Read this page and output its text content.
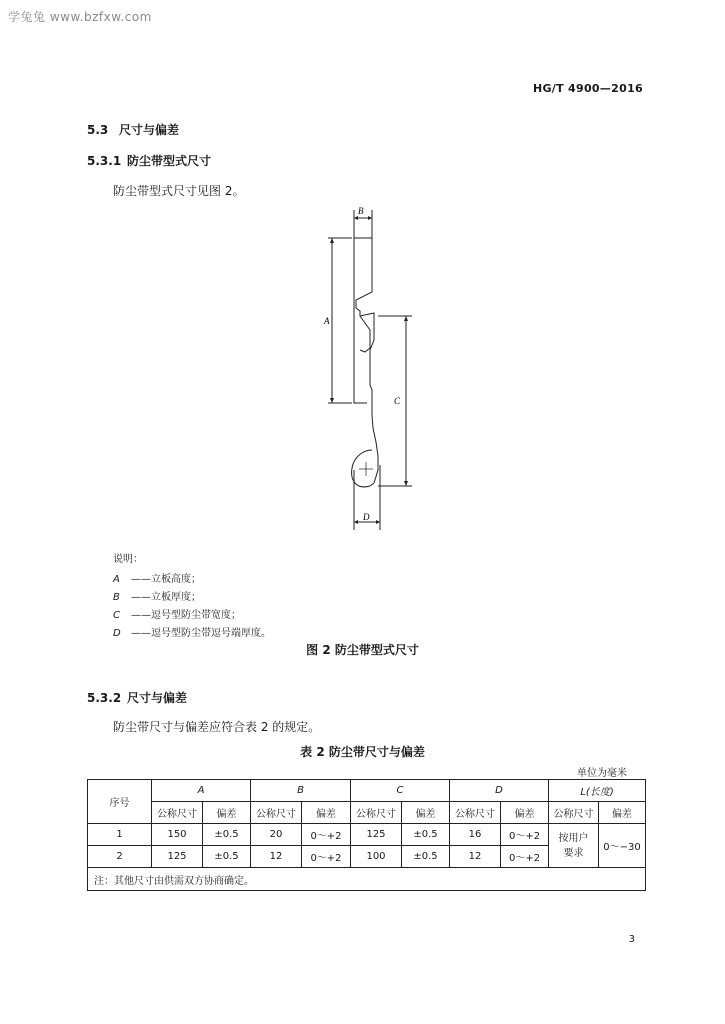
学兔兔 www.bzfxw.com
HG/T 4900—2016
5.3 尺寸与偏差
5.3.1 防尘带型式尺寸
防尘带型式尺寸见图 2。
B
A
C
D
说明：
A ——立板高度；
B ——立板厚度；
C ——逗号型防尘带宽度；
D ——逗号型防尘带逗号端厚度。
图 2 防尘带型式尺寸
5.3.2 尺寸与偏差
防尘带尺寸与偏差应符合表 2 的规定。
表 2 防尘带尺寸与偏差
单位为毫米
序号	A		B		C		D		L(长度)	
	公称尺寸	偏差	公称尺寸	偏差	公称尺寸	偏差	公称尺寸	偏差	公称尺寸	偏差
1	150	±0.5	20	0～+2	125	±0.5	16	0～+2	按用户要求	0～−30
2	125	±0.5	12	0～+2	100	±0.5	12	0～+2		
注：其他尺寸由供需双方协商确定。										
3
